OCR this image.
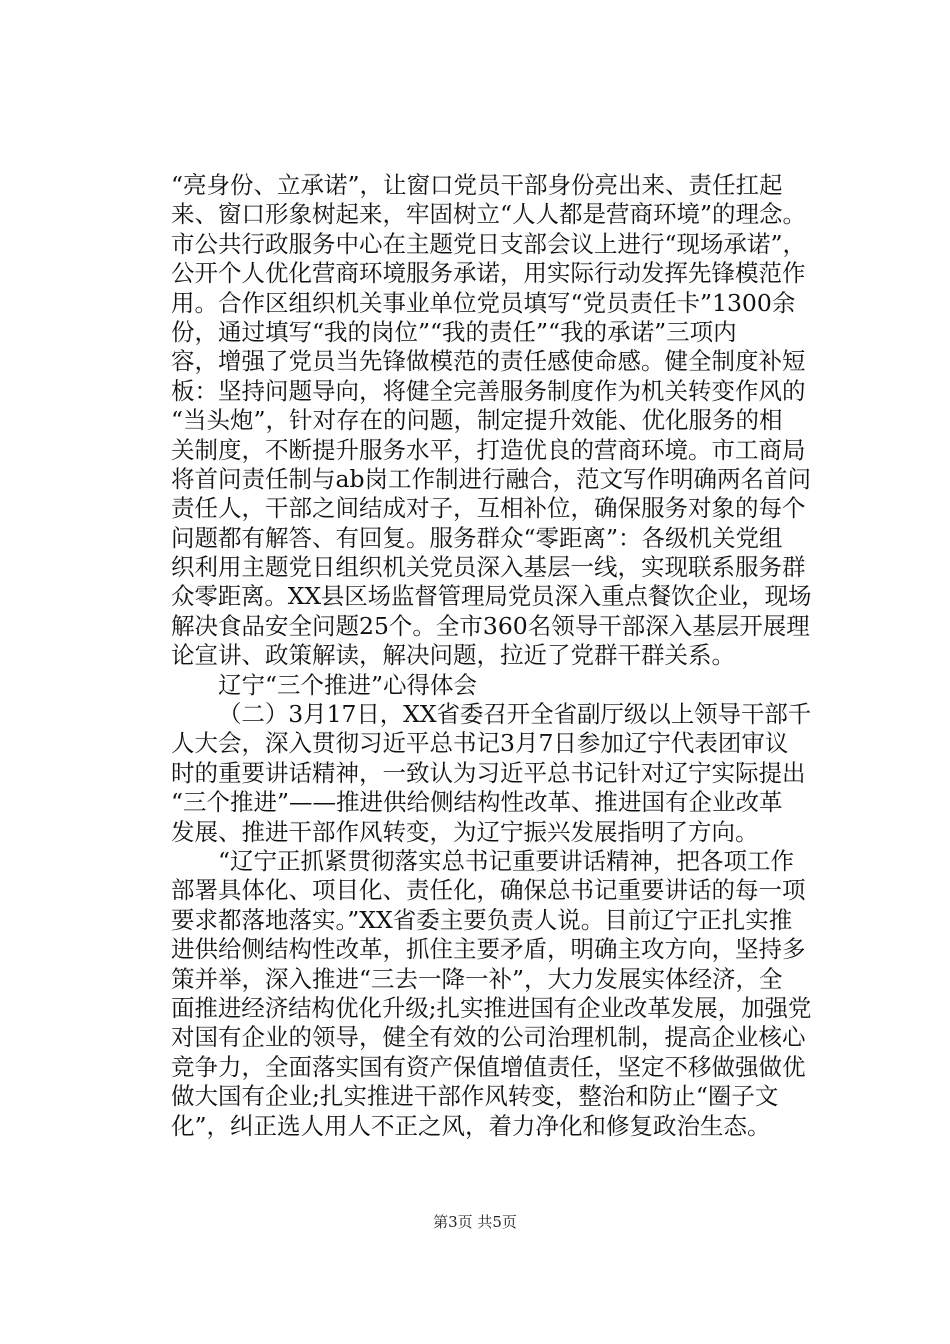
“亮身份、立承诺”，让窗口党员干部身份亮出来、责任扛起
来、窗口形象树起来，牢固树立“人人都是营商环境”的理念。
市公共行政服务中心在主题党日支部会议上进行“现场承诺”，
公开个人优化营商环境服务承诺，用实际行动发挥先锋模范作
用。合作区组织机关事业单位党员填写“党员责任卡”1300余
份，通过填写“我的岗位”“我的责任”“我的承诺”三项内
容，增强了党员当先锋做模范的责任感使命感。健全制度补短
板：坚持问题导向，将健全完善服务制度作为机关转变作风的
“当头炮”，针对存在的问题，制定提升效能、优化服务的相
关制度，不断提升服务水平，打造优良的营商环境。市工商局
将首问责任制与ab岗工作制进行融合，范文写作明确两名首问
责任人，干部之间结成对子，互相补位，确保服务对象的每个
问题都有解答、有回复。服务群众“零距离”：各级机关党组
织利用主题党日组织机关党员深入基层一线，实现联系服务群
众零距离。XX县区场监督管理局党员深入重点餐饮企业，现场
解决食品安全问题25个。全市360名领导干部深入基层开展理
论宣讲、政策解读，解决问题，拉近了党群干群关系。
辽宁“三个推进”心得体会
（二）3月17日，XX省委召开全省副厅级以上领导干部千
人大会，深入贯彻习近平总书记3月7日参加辽宁代表团审议
时的重要讲话精神，一致认为习近平总书记针对辽宁实际提出
“三个推进”——推进供给侧结构性改革、推进国有企业改革
发展、推进干部作风转变，为辽宁振兴发展指明了方向。
“辽宁正抓紧贯彻落实总书记重要讲话精神，把各项工作
部署具体化、项目化、责任化，确保总书记重要讲话的每一项
要求都落地落实。”XX省委主要负责人说。目前辽宁正扎实推
进供给侧结构性改革，抓住主要矛盾，明确主攻方向，坚持多
策并举，深入推进“三去一降一补”，大力发展实体经济，全
面推进经济结构优化升级;扎实推进国有企业改革发展，加强党
对国有企业的领导，健全有效的公司治理机制，提高企业核心
竞争力，全面落实国有资产保值增值责任，坚定不移做强做优
做大国有企业;扎实推进干部作风转变，整治和防止“圈子文
化”，纠正选人用人不正之风，着力净化和修复政治生态。
第3页 共5页
